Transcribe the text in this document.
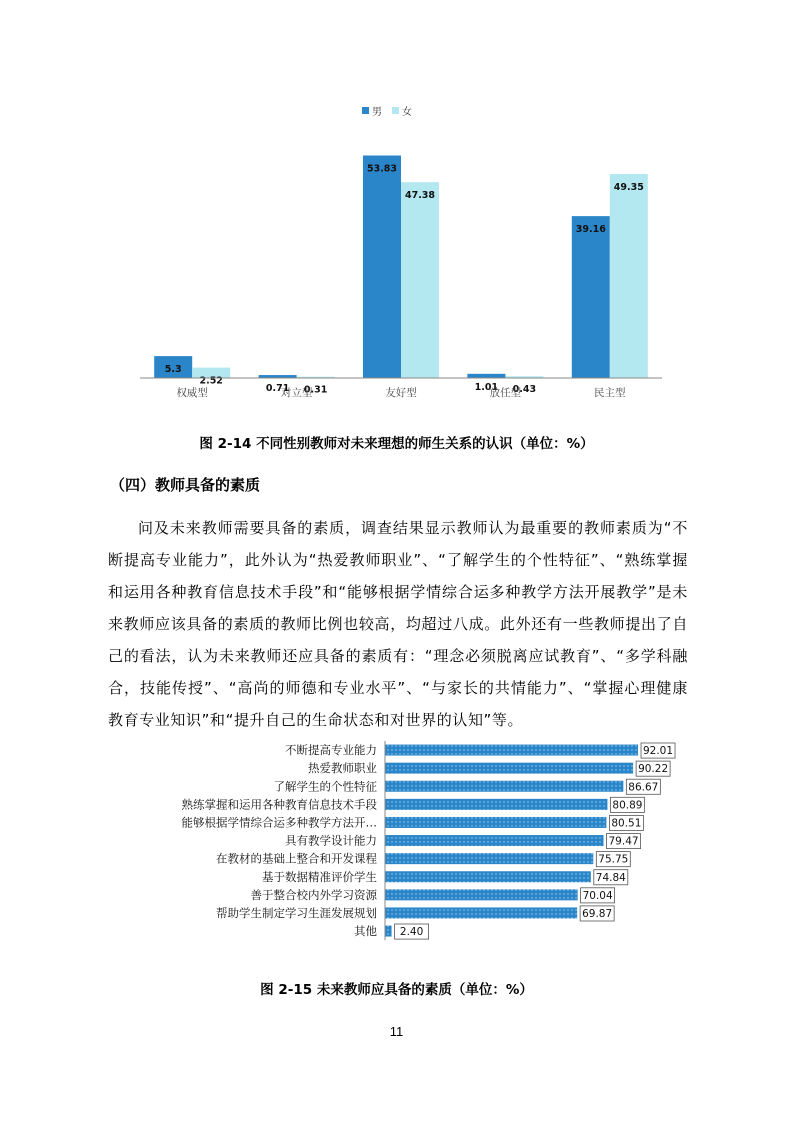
男 女
5.3
2.52
权威型	0.71 0.31
对立型
53.83
47.38
友好型	1.01 0.43
放任型
39.16
49.35
民主型
图 2-14 不同性别教师对未来理想的师生关系的认识（单位：%）
（四）教师具备的素质
问及未来教师需要具备的素质，调查结果显示教师认为最重要的教师素质为“不断提高专业能力”，此外认为“热爱教师职业”、“了解学生的个性特征”、“熟练掌握和运用各种教育信息技术手段”和“能够根据学情综合运多种教学方法开展教学”是未来教师应该具备的素质的教师比例也较高，均超过八成。此外还有一些教师提出了自己的看法，认为未来教师还应具备的素质有：“理念必须脱离应试教育”、“多学科融合，技能传授”、“高尚的师德和专业水平”、“与家长的共情能力”、“掌握心理健康教育专业知识”和“提升自己的生命状态和对世界的认知”等。
不断提高专业能力	92.01
热爱教师职业	90.22
了解学生的个性特征	86.67
熟练掌握和运用各种教育信息技术手段	80.89
能够根据学情综合运多种教学方法开…	80.51
具有教学设计能力	79.47
在教材的基础上整合和开发课程	75.75
基于数据精准评价学生	74.84
善于整合校内外学习资源	70.04
帮助学生制定学习生涯发展规划	69.87
其他 2.40
图 2-15 未来教师应具备的素质（单位：%）
11
